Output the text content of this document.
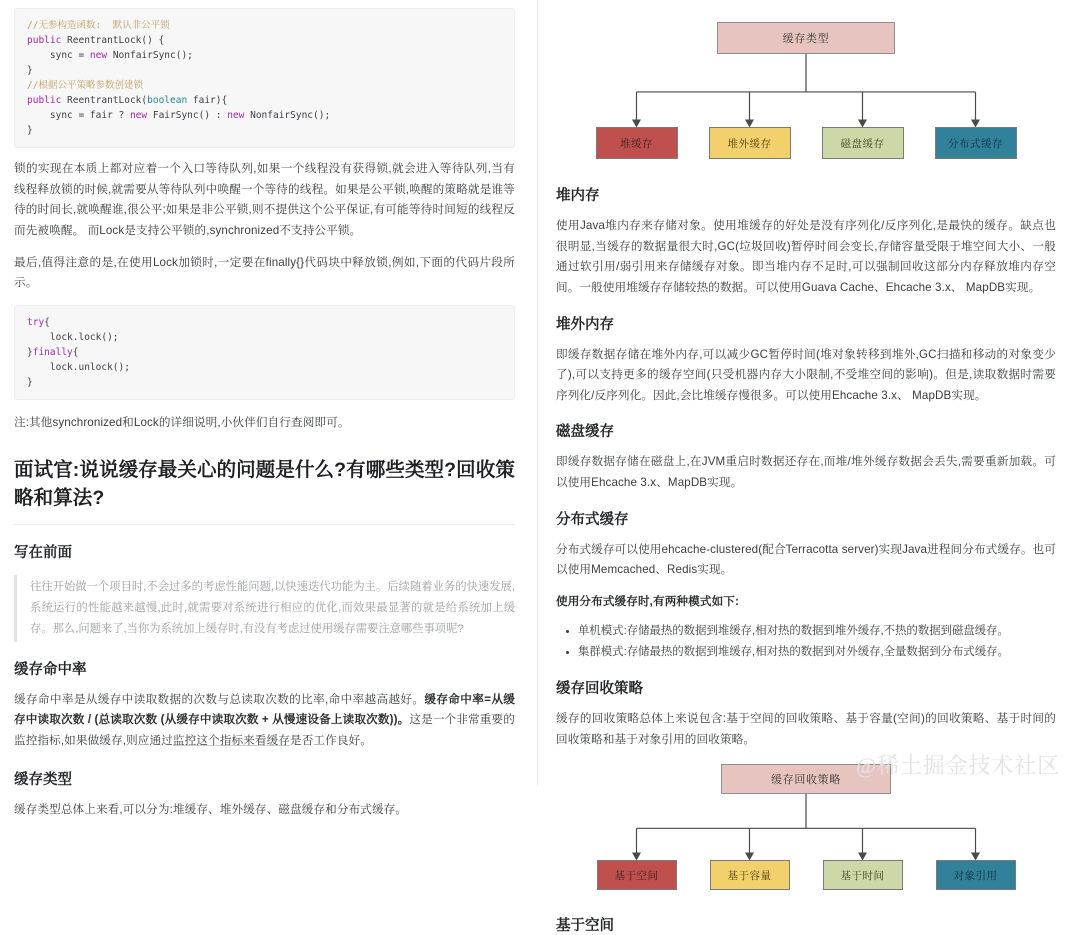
//无参构造函数:  默认非公平锁
public ReentrantLock() {
sync = new NonfairSync();
}
//根据公平策略参数创建锁
public ReentrantLock(boolean fair){
sync = fair ? new FairSync() : new NonfairSync();
}

锁的实现在本质上都对应着一个入口等待队列,如果一个线程没有获得锁,就会进入等待队列,当有线程释放锁的时候,就需要从等待队列中唤醒一个等待的线程。如果是公平锁,唤醒的策略就是谁等待的时间长,就唤醒谁,很公平;如果是非公平锁,则不提供这个公平保证,有可能等待时间短的线程反而先被唤醒。 而Lock是支持公平锁的,synchronized不支持公平锁。

最后,值得注意的是,在使用Lock加锁时,一定要在finally{}代码块中释放锁,例如,下面的代码片段所示。

try{
lock.lock();
}finally{
lock.unlock();
}

注:其他synchronized和Lock的详细说明,小伙伴们自行查阅即可。

面试官:说说缓存最关心的问题是什么?有哪些类型?回收策略和算法?
写在前面
往往开始做一个项目时,不会过多的考虑性能问题,以快速迭代功能为主。后续随着业务的快速发展,系统运行的性能越来越慢,此时,就需要对系统进行相应的优化,而效果最显著的就是给系统加上缓存。那么,问题来了,当你为系统加上缓存时,有没有考虑过使用缓存需要注意哪些事项呢?
缓存命中率

缓存命中率是从缓存中读取数据的次数与总读取次数的比率,命中率越高越好。缓存命中率=从缓存中读取次数 / (总读取次数 (从缓存中读取次数 + 从慢速设备上读取次数))。这是一个非常重要的监控指标,如果做缓存,则应通过监控这个指标来看缓存是否工作良好。

缓存类型

缓存类型总体上来看,可以分为:堆缓存、堆外缓存、磁盘缓存和分布式缓存。

缓存类型
堆缓存	堆外缓存	磁盘缓存	分布式缓存
堆内存

使用Java堆内存来存储对象。使用堆缓存的好处是没有序列化/反序列化,是最快的缓存。缺点也很明显,当缓存的数据量很大时,GC(垃圾回收)暂停时间会变长,存储容量受限于堆空间大小、一般通过软引用/弱引用来存储缓存对象。即当堆内存不足时,可以强制回收这部分内存释放堆内存空间。一般使用堆缓存存储较热的数据。可以使用Guava Cache、Ehcache 3.x、 MapDB实现。

堆外内存

即缓存数据存储在堆外内存,可以减少GC暂停时间(堆对象转移到堆外,GC扫描和移动的对象变少了),可以支持更多的缓存空间(只受机器内存大小限制,不受堆空间的影响)。但是,读取数据时需要序列化/反序列化。因此,会比堆缓存慢很多。可以使用Ehcache 3.x、 MapDB实现。

磁盘缓存

即缓存数据存储在磁盘上,在JVM重启时数据还存在,而堆/堆外缓存数据会丢失,需要重新加载。可以使用Ehcache 3.x、MapDB实现。

分布式缓存

分布式缓存可以使用ehcache-clustered(配合Terracotta server)实现Java进程间分布式缓存。也可以使用Memcached、Redis实现。

使用分布式缓存时,有两种模式如下:

• 单机模式:存储最热的数据到堆缓存,相对热的数据到堆外缓存,不热的数据到磁盘缓存。
• 集群模式:存储最热的数据到堆缓存,相对热的数据到对外缓存,全量数据到分布式缓存。
缓存回收策略

缓存的回收策略总体上来说包含:基于空间的回收策略、基于容量(空间)的回收策略、基于时间的回收策略和基于对象引用的回收策略。

缓存回收策略
基于空间	基于容量	基于时间	对象引用
基于空间
@稀土掘金技术社区
